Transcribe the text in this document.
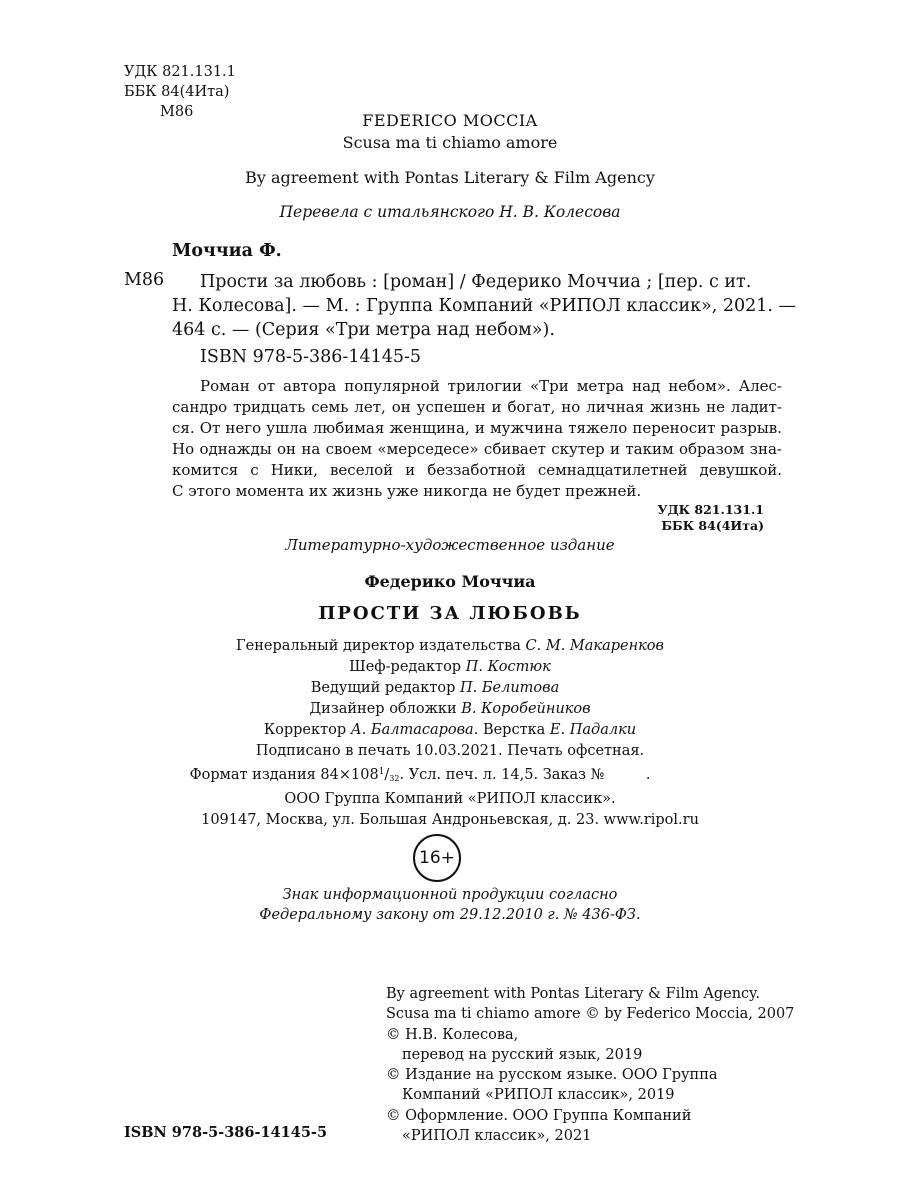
УДК 821.131.1
ББК 84(4Ита)
М86	FEDERICO MOCCIA
Scusa ma ti chiamo amore
By agreement with Pontas Literary & Film Agency
Перевела с итальянского Н. В. Колесова
Моччиа Ф.
М86 Прости за любовь : [роман] / Федерико Моччиа ; [пер. с ит.
Н. Колесова]. — М. : Группа Компаний «РИПОЛ классик», 2021. —
464 с. — (Серия «Три метра над небом»).
ISBN 978-5-386-14145-5
Роман от автора популярной трилогии «Три метра над небом». Алес-
сандро тридцать семь лет, он успешен и богат, но личная жизнь не ладит-
ся. От него ушла любимая женщина, и мужчина тяжело переносит разрыв.
Но однажды он на своем «мерседесе» сбивает скутер и таким образом зна-
комится с Ники, веселой и беззаботной семнадцатилетней девушкой.
С этого момента их жизнь уже никогда не будет прежней.
УДК 821.131.1
ББК 84(4Ита)
Литературно-художественное издание
Федерико Моччиа
ПРОСТИ ЗА ЛЮБОВЬ
Генеральный директор издательства С. М. Макаренков
Шеф-редактор П. Костюк
Ведущий редактор П. Белитова
Дизайнер обложки В. Коробейников
Корректор А. Балтасарова. Верстка Е. Падалки
Подписано в печать 10.03.2021. Печать офсетная.
Формат издания $84\times 108^1/32$. Усл. печ. л. 14,5. Заказ №	.
ООО Группа Компаний «РИПОЛ классик».
109147, Москва, ул. Большая Андроньевская, д. 23. www.ripol.ru
16+
Знак информационной продукции согласно
Федеральному закону от 29.12.2010 г. № 436-ФЗ.
By agreement with Pontas Literary & Film Agency.
Scusa ma ti chiamo amore © by Federico Moccia, 2007
© Н.В. Колесова,
перевод на русский язык, 2019
© Издание на русском языке. ООО Группа
Компаний «РИПОЛ классик», 2019
© Оформление. ООО Группа Компаний
«РИПОЛ классик», 2021
ISBN 978-5-386-14145-5
